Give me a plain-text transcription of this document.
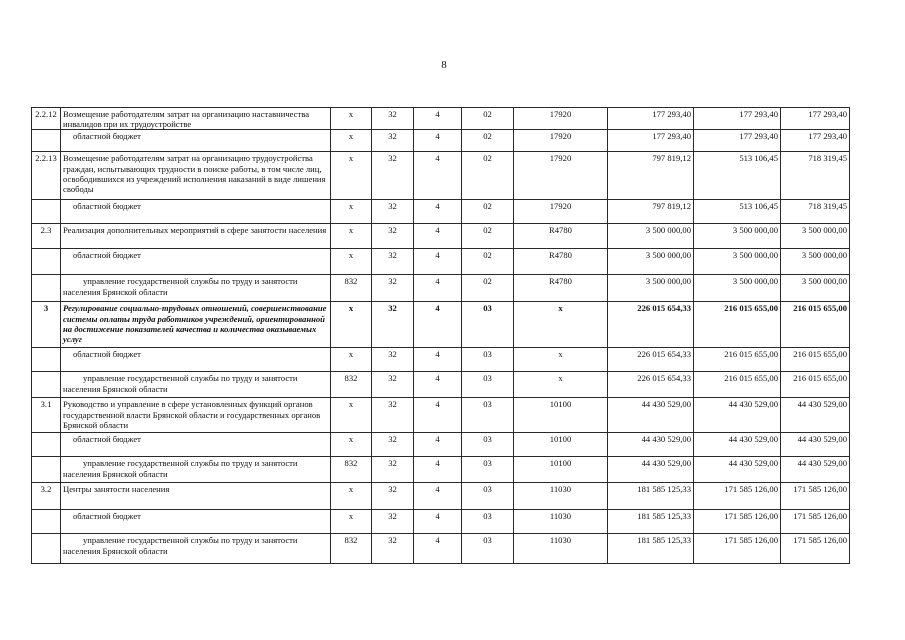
8
2.2.12	Возмещение работодателям затрат на организацию наставничества инвалидов при их трудоустройстве	х	32	4	02	17920	177 293,40	177 293,40	177 293,40
	областной бюджет	х	32	4	02	17920	177 293,40	177 293,40	177 293,40
2.2.13	Возмещение работодателям затрат на организацию трудоустройства граждан, испытывающих трудности в поиске работы, в том числе лиц, освободившихся из учреждений исполнения наказаний в виде лишения свободы	х	32	4	02	17920	797 819,12	513 106,45	718 319,45
	областной бюджет	х	32	4	02	17920	797 819,12	513 106,45	718 319,45
2.3	Реализация дополнительных мероприятий в сфере занятости населения	х	32	4	02	R4780	3 500 000,00	3 500 000,00	3 500 000,00
	областной бюджет	х	32	4	02	R4780	3 500 000,00	3 500 000,00	3 500 000,00
	управление государственной службы по труду и занятости населения Брянской области	832	32	4	02	R4780	3 500 000,00	3 500 000,00	3 500 000,00
3	Регулирование социально-трудовых отношений, совершенствование системы оплаты труда работников учреждений, ориентированной на достижение показателей качества и количества оказываемых услуг	х	32	4	03	х	226 015 654,33	216 015 655,00	216 015 655,00
	областной бюджет	х	32	4	03	х	226 015 654,33	216 015 655,00	216 015 655,00
	управление государственной службы по труду и занятости населения Брянской области	832	32	4	03	х	226 015 654,33	216 015 655,00	216 015 655,00
3.1	Руководство и управление в сфере установленных функций органов государственной власти Брянской области и государственных органов Брянской области	х	32	4	03	10100	44 430 529,00	44 430 529,00	44 430 529,00
	областной бюджет	х	32	4	03	10100	44 430 529,00	44 430 529,00	44 430 529,00
	управление государственной службы по труду и занятости населения Брянской области	832	32	4	03	10100	44 430 529,00	44 430 529,00	44 430 529,00
3.2	Центры занятости населения	х	32	4	03	11030	181 585 125,33	171 585 126,00	171 585 126,00
	областной бюджет	х	32	4	03	11030	181 585 125,33	171 585 126,00	171 585 126,00
	управление государственной службы по труду и занятости населения Брянской области	832	32	4	03	11030	181 585 125,33	171 585 126,00	171 585 126,00
